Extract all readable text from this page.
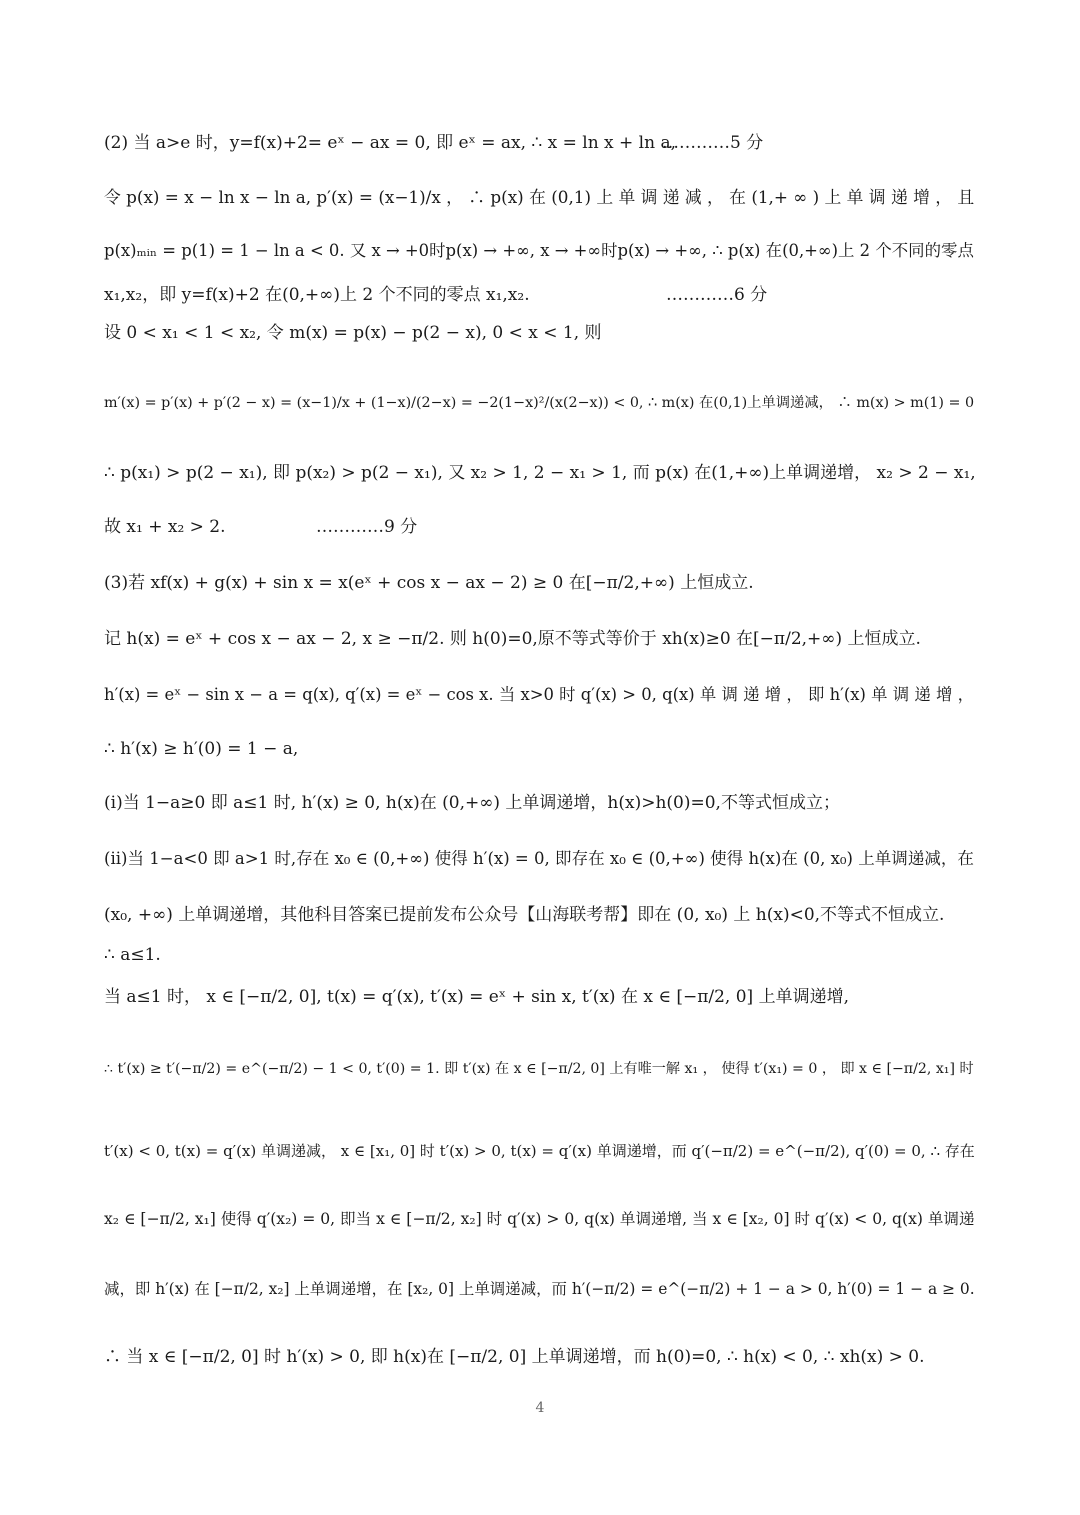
(2) 当 a>e 时，y=f(x)+2= eˣ − ax = 0, 即 eˣ = ax, ∴ x = ln x + ln a,
…………5 分
令 p(x) = x − ln x − ln a, p′(x) = (x−1)/x ， ∴ p(x) 在 (0,1) 上 单 调 递 减 ， 在 (1,+ ∞ ) 上 单 调 递 增 ， 且
p(x)ₘᵢₙ = p(1) = 1 − ln a < 0. 又 x → +0时p(x) → +∞, x → +∞时p(x) → +∞, ∴ p(x) 在(0,+∞)上 2 个不同的零点
x₁,x₂，即 y=f(x)+2 在(0,+∞)上 2 个不同的零点 x₁,x₂.	…………6 分
设 0 < x₁ < 1 < x₂, 令 m(x) = p(x) − p(2 − x), 0 < x < 1, 则
m′(x) = p′(x) + p′(2 − x) = (x−1)/x + (1−x)/(2−x) = −2(1−x)²/(x(2−x)) < 0, ∴ m(x) 在(0,1)上单调递减， ∴ m(x) > m(1) = 0
∴ p(x₁) > p(2 − x₁), 即 p(x₂) > p(2 − x₁), 又 x₂ > 1, 2 − x₁ > 1, 而 p(x) 在(1,+∞)上单调递增， x₂ > 2 − x₁,
故 x₁ + x₂ > 2.	…………9 分
(3)若 xf(x) + g(x) + sin x = x(eˣ + cos x − ax − 2) ≥ 0 在[−π/2,+∞) 上恒成立.
记 h(x) = eˣ + cos x − ax − 2, x ≥ −π/2. 则 h(0)=0,原不等式等价于 xh(x)≥0 在[−π/2,+∞) 上恒成立.
h′(x) = eˣ − sin x − a = q(x), q′(x) = eˣ − cos x. 当 x>0 时 q′(x) > 0, q(x) 单 调 递 增 ， 即 h′(x) 单 调 递 增 ，
∴ h′(x) ≥ h′(0) = 1 − a,
(i)当 1−a≥0 即 a≤1 时, h′(x) ≥ 0, h(x)在 (0,+∞) 上单调递增，h(x)>h(0)=0,不等式恒成立；
(ii)当 1−a<0 即 a>1 时,存在 x₀ ∈ (0,+∞) 使得 h′(x) = 0, 即存在 x₀ ∈ (0,+∞) 使得 h(x)在 (0, x₀) 上单调递减，在
(x₀, +∞) 上单调递增，其他科目答案已提前发布公众号【山海联考帮】即在 (0, x₀) 上 h(x)<0,不等式不恒成立.
∴ a≤1.
当 a≤1 时， x ∈ [−π/2, 0], t(x) = q′(x), t′(x) = eˣ + sin x, t′(x) 在 x ∈ [−π/2, 0] 上单调递增,
∴ t′(x) ≥ t′(−π/2) = e^(−π/2) − 1 < 0, t′(0) = 1. 即 t′(x) 在 x ∈ [−π/2, 0] 上有唯一解 x₁ ， 使得 t′(x₁) = 0 ， 即 x ∈ [−π/2, x₁] 时
t′(x) < 0, t(x) = q′(x) 单调递减， x ∈ [x₁, 0] 时 t′(x) > 0, t(x) = q′(x) 单调递增，而 q′(−π/2) = e^(−π/2), q′(0) = 0, ∴ 存在
x₂ ∈ [−π/2, x₁] 使得 q′(x₂) = 0, 即当 x ∈ [−π/2, x₂] 时 q′(x) > 0, q(x) 单调递增, 当 x ∈ [x₂, 0] 时 q′(x) < 0, q(x) 单调递
减，即 h′(x) 在 [−π/2, x₂] 上单调递增，在 [x₂, 0] 上单调递减，而 h′(−π/2) = e^(−π/2) + 1 − a > 0, h′(0) = 1 − a ≥ 0.
∴ 当 x ∈ [−π/2, 0] 时 h′(x) > 0, 即 h(x)在 [−π/2, 0] 上单调递增，而 h(0)=0, ∴ h(x) < 0, ∴ xh(x) > 0.
4
